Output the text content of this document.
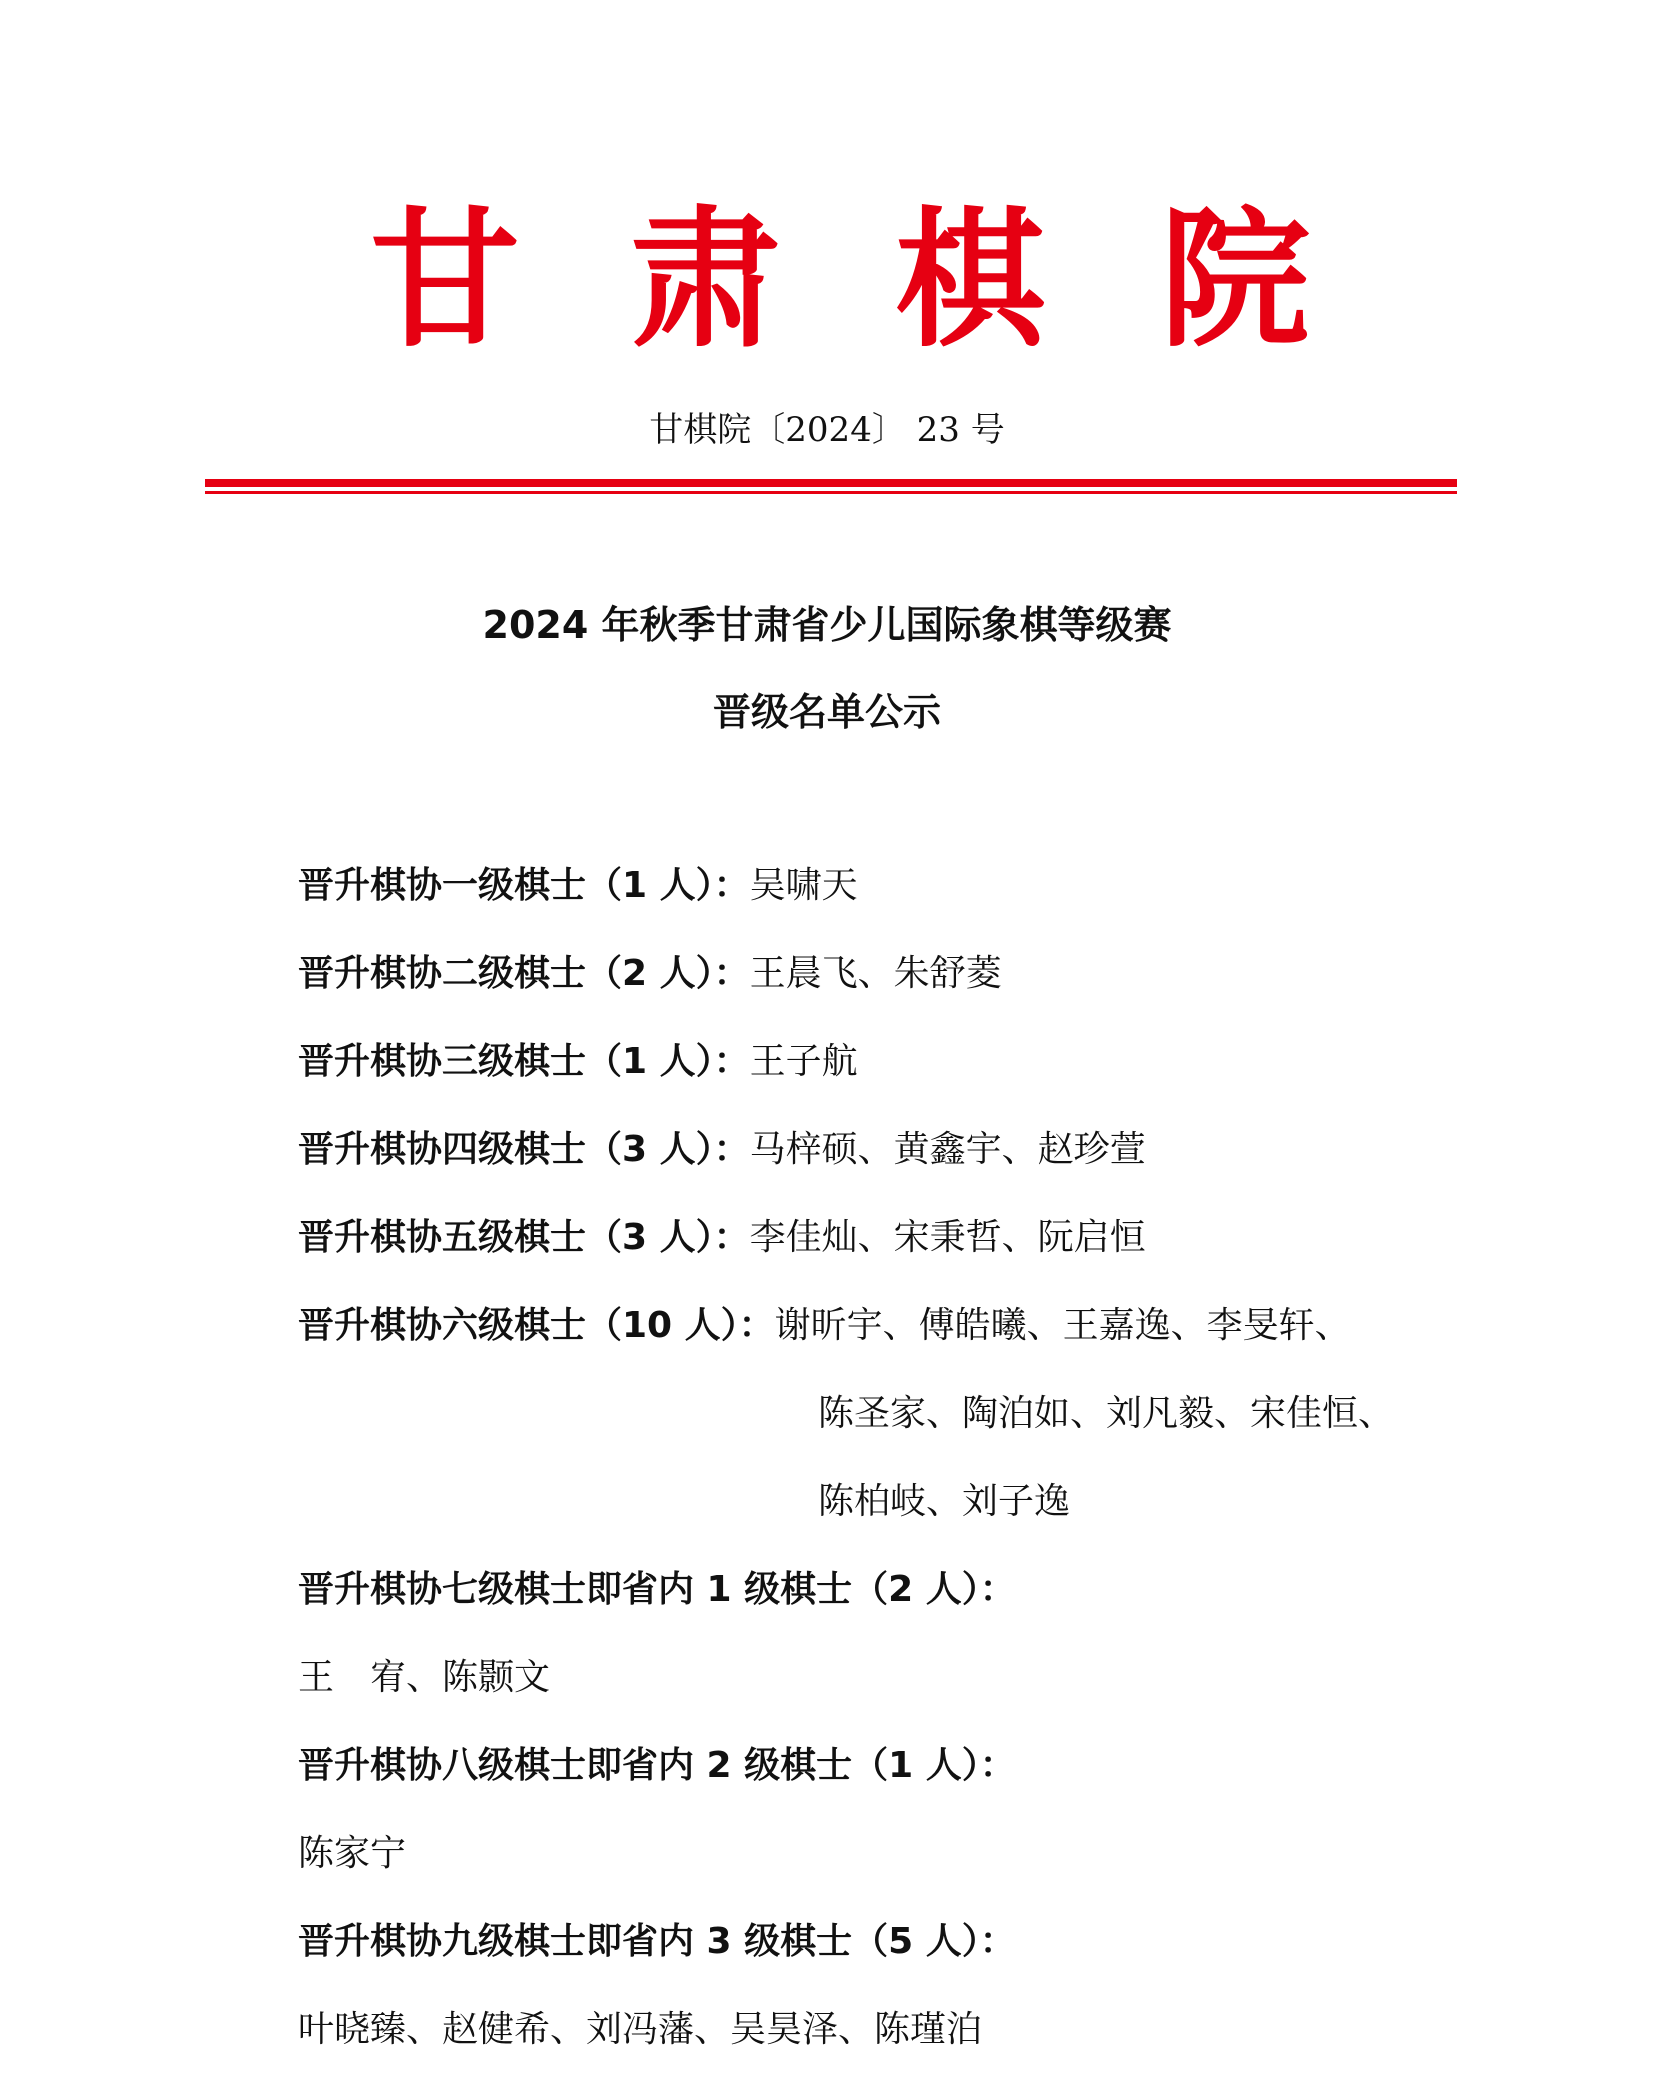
甘 肃 棋 院
甘棋院〔2024〕 23 号
2024 年秋季甘肃省少儿国际象棋等级赛
晋级名单公示
晋升棋协一级棋士（1 人）：吴啸天
晋升棋协二级棋士（2 人）：王晨飞、朱舒菱
晋升棋协三级棋士（1 人）：王子航
晋升棋协四级棋士（3 人）：马梓硕、黄鑫宇、赵珍萱
晋升棋协五级棋士（3 人）：李佳灿、宋秉哲、阮启恒
晋升棋协六级棋士（10 人）：谢昕宇、傅皓曦、王嘉逸、李旻轩、
陈圣家、陶泊如、刘凡毅、宋佳恒、
陈柏岐、刘子逸
晋升棋协七级棋士即省内 1 级棋士（2 人）：
王　宥、陈颢文
晋升棋协八级棋士即省内 2 级棋士（1 人）：
陈家宁
晋升棋协九级棋士即省内 3 级棋士（5 人）：
叶晓臻、赵健希、刘冯藩、吴昊泽、陈瑾泊
